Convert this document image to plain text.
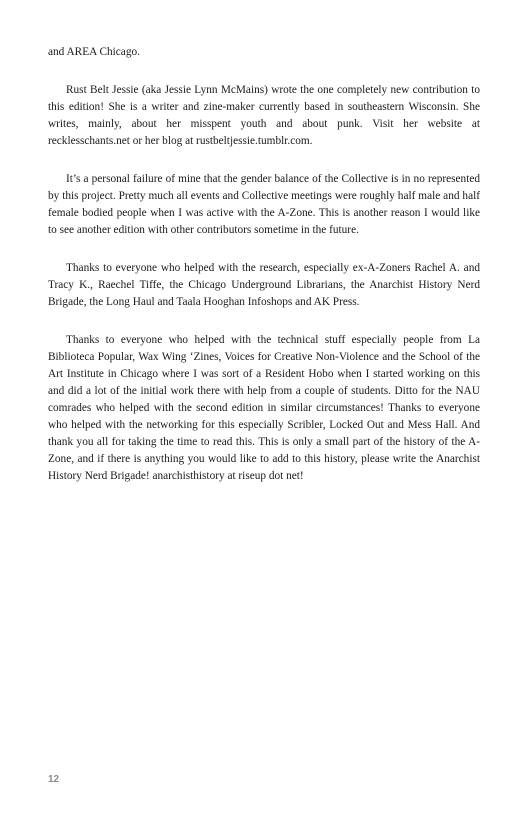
and AREA Chicago.

Rust Belt Jessie (aka Jessie Lynn McMains) wrote the one completely new contribution to this edition! She is a writer and zine-maker currently based in southeastern Wisconsin. She writes, mainly, about her misspent youth and about punk. Visit her website at recklesschants.net or her blog at rustbeltjessie.tumblr.com.

It’s a personal failure of mine that the gender balance of the Collective is in no represented by this project. Pretty much all events and Collective meetings were roughly half male and half female bodied people when I was active with the A-Zone. This is another reason I would like to see another edition with other contributors sometime in the future.

Thanks to everyone who helped with the research, especially ex-A-Zoners Rachel A. and Tracy K., Raechel Tiffe, the Chicago Underground Librarians, the Anarchist History Nerd Brigade, the Long Haul and Taala Hooghan Infoshops and AK Press.

Thanks to everyone who helped with the technical stuff especially people from La Biblioteca Popular, Wax Wing ‘Zines, Voices for Creative Non-Violence and the School of the Art Institute in Chicago where I was sort of a Resident Hobo when I started working on this and did a lot of the initial work there with help from a couple of students. Ditto for the NAU comrades who helped with the second edition in similar circumstances! Thanks to everyone who helped with the networking for this especially Scribler, Locked Out and Mess Hall. And thank you all for taking the time to read this. This is only a small part of the history of the A-Zone, and if there is anything you would like to add to this history, please write the Anarchist History Nerd Brigade! anarchisthistory at riseup dot net!

12
